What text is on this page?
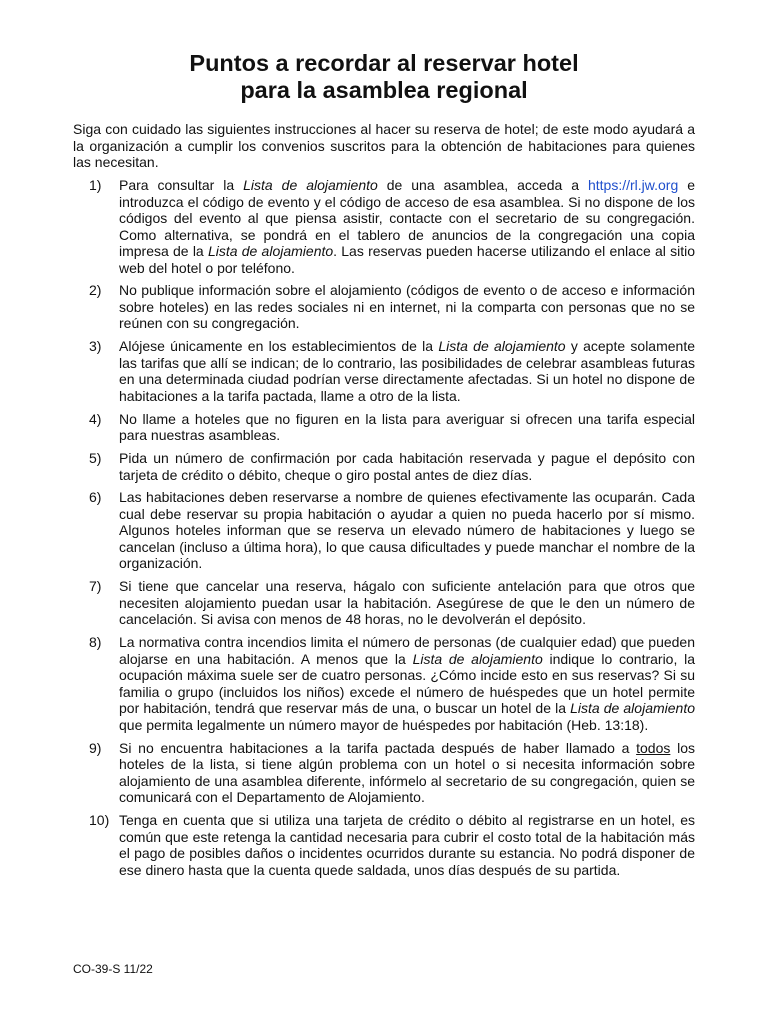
Puntos a recordar al reservar hotel
para la asamblea regional

Siga con cuidado las siguientes instrucciones al hacer su reserva de hotel; de este modo ayudará a la organización a cumplir los convenios suscritos para la obtención de habitaciones para quienes las necesitan.

1) Para consultar la Lista de alojamiento de una asamblea, acceda a https://rl.jw.org e introduzca el código de evento y el código de acceso de esa asamblea. Si no dispone de los códigos del evento al que piensa asistir, contacte con el secretario de su congregación. Como alternativa, se pondrá en el tablero de anuncios de la congregación una copia impresa de la Lista de alojamiento. Las reservas pueden hacerse utilizando el enlace al sitio web del hotel o por teléfono.
2) No publique información sobre el alojamiento (códigos de evento o de acceso e información sobre hoteles) en las redes sociales ni en internet, ni la comparta con personas que no se reúnen con su congregación.
3) Alójese únicamente en los establecimientos de la Lista de alojamiento y acepte solamente las tarifas que allí se indican; de lo contrario, las posibilidades de celebrar asambleas futuras en una determinada ciudad podrían verse directamente afectadas. Si un hotel no dispone de habitaciones a la tarifa pactada, llame a otro de la lista.
4) No llame a hoteles que no figuren en la lista para averiguar si ofrecen una tarifa especial para nuestras asambleas.
5) Pida un número de confirmación por cada habitación reservada y pague el depósito con tarjeta de crédito o débito, cheque o giro postal antes de diez días.
6) Las habitaciones deben reservarse a nombre de quienes efectivamente las ocuparán. Cada cual debe reservar su propia habitación o ayudar a quien no pueda hacerlo por sí mismo. Algunos hoteles informan que se reserva un elevado número de habitaciones y luego se cancelan (incluso a última hora), lo que causa dificultades y puede manchar el nombre de la organización.
7) Si tiene que cancelar una reserva, hágalo con suficiente antelación para que otros que necesiten alojamiento puedan usar la habitación. Asegúrese de que le den un número de cancelación. Si avisa con menos de 48 horas, no le devolverán el depósito.
8) La normativa contra incendios limita el número de personas (de cualquier edad) que pueden alojarse en una habitación. A menos que la Lista de alojamiento indique lo contrario, la ocupación máxima suele ser de cuatro personas. ¿Cómo incide esto en sus reservas? Si su familia o grupo (incluidos los niños) excede el número de huéspedes que un hotel permite por habitación, tendrá que reservar más de una, o buscar un hotel de la Lista de alojamiento que permita legalmente un número mayor de huéspedes por habitación (Heb. 13:18).
9) Si no encuentra habitaciones a la tarifa pactada después de haber llamado a todos los hoteles de la lista, si tiene algún problema con un hotel o si necesita información sobre alojamiento de una asamblea diferente, infórmelo al secretario de su congregación, quien se comunicará con el Departamento de Alojamiento.
10) Tenga en cuenta que si utiliza una tarjeta de crédito o débito al registrarse en un hotel, es común que este retenga la cantidad necesaria para cubrir el costo total de la habitación más el pago de posibles daños o incidentes ocurridos durante su estancia. No podrá disponer de ese dinero hasta que la cuenta quede saldada, unos días después de su partida.

CO-39-S 11/22
